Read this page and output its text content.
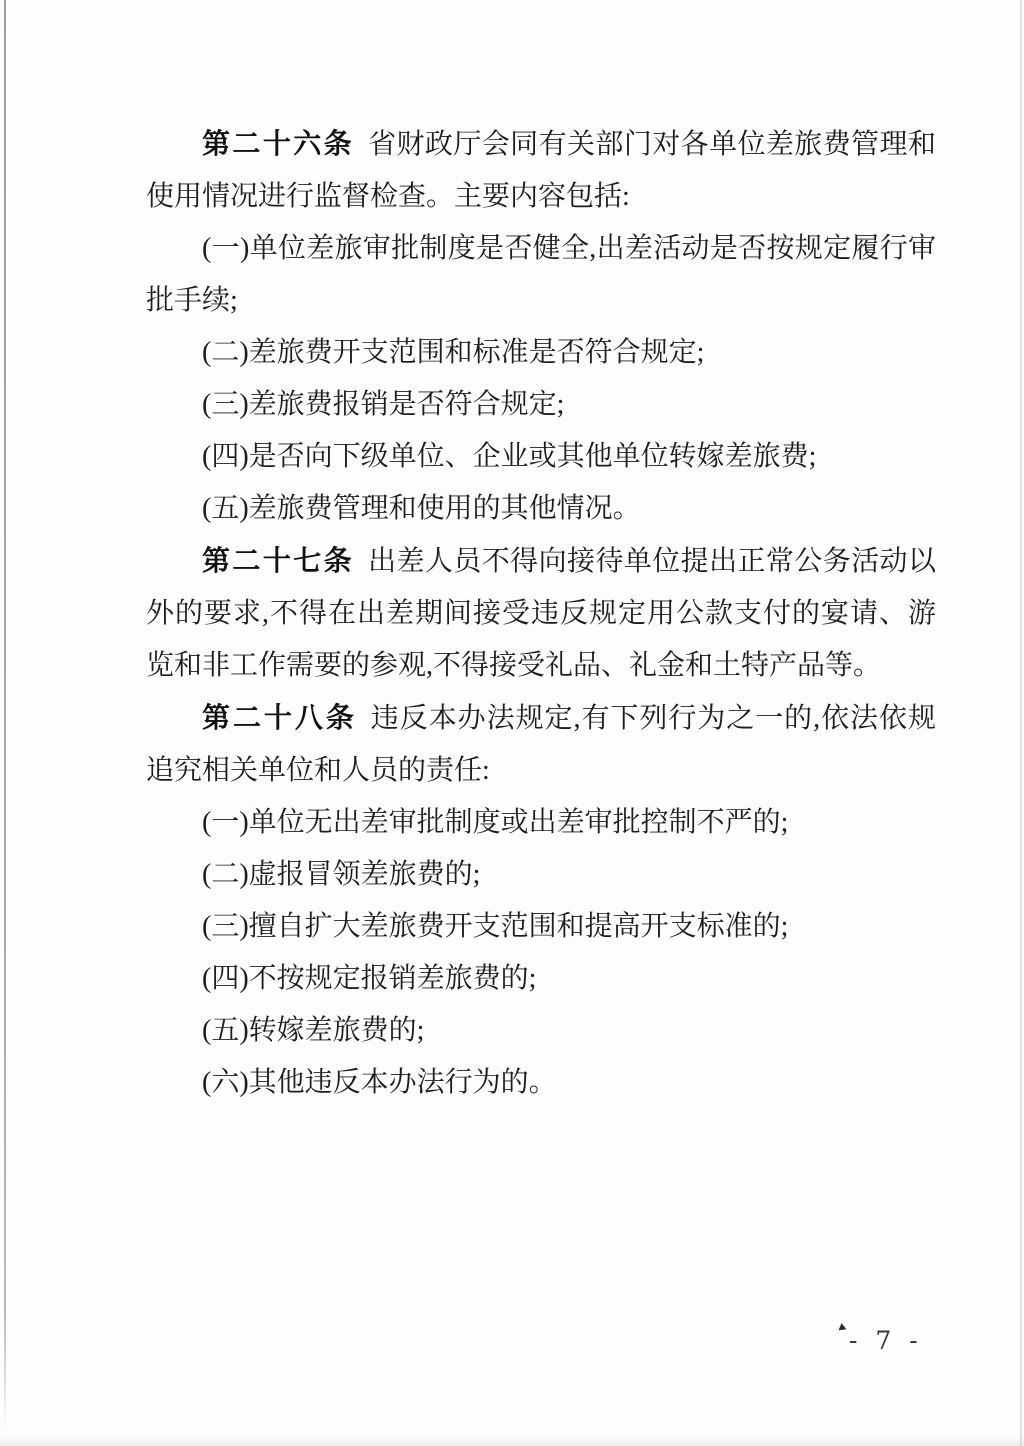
第二十六条 省财政厅会同有关部门对各单位差旅费管理和使用情况进行监督检查。主要内容包括:

(一)单位差旅审批制度是否健全,出差活动是否按规定履行审批手续;

(二)差旅费开支范围和标准是否符合规定;

(三)差旅费报销是否符合规定;

(四)是否向下级单位、企业或其他单位转嫁差旅费;

(五)差旅费管理和使用的其他情况。

第二十七条 出差人员不得向接待单位提出正常公务活动以外的要求,不得在出差期间接受违反规定用公款支付的宴请、游览和非工作需要的参观,不得接受礼品、礼金和土特产品等。

第二十八条 违反本办法规定,有下列行为之一的,依法依规追究相关单位和人员的责任:

(一)单位无出差审批制度或出差审批控制不严的;

(二)虚报冒领差旅费的;

(三)擅自扩大差旅费开支范围和提高开支标准的;

(四)不按规定报销差旅费的;

(五)转嫁差旅费的;

(六)其他违反本办法行为的。

- 7 -
